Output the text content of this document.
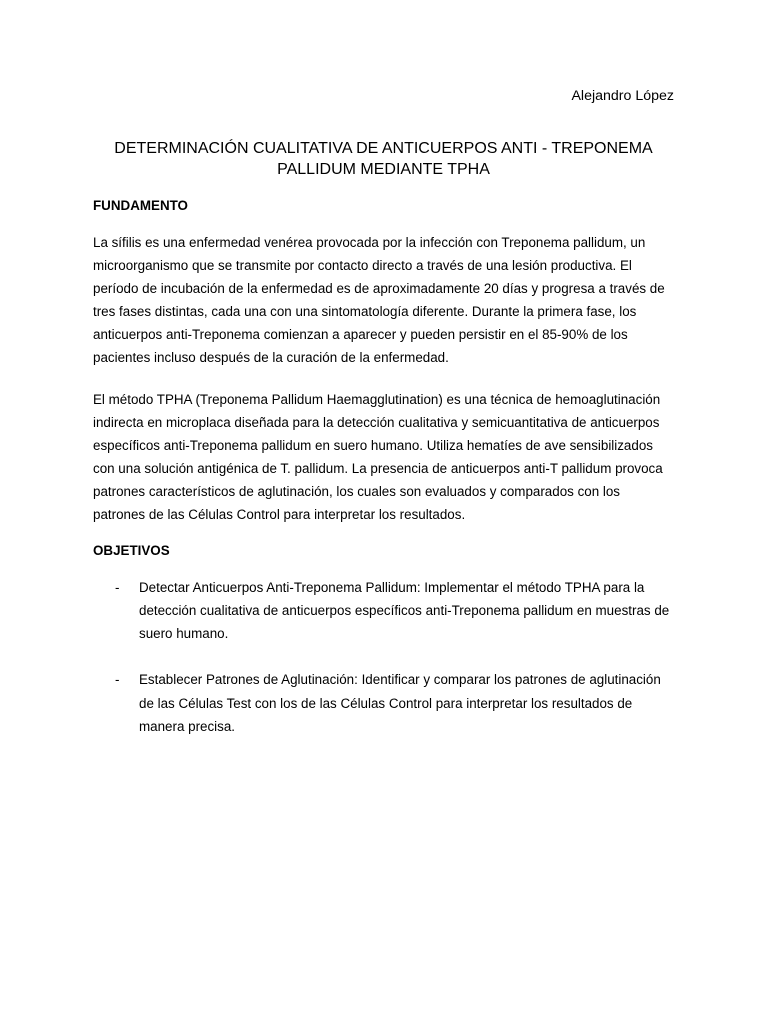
Alejandro López
DETERMINACIÓN CUALITATIVA DE ANTICUERPOS ANTI - TREPONEMA PALLIDUM MEDIANTE TPHA
FUNDAMENTO

La sífilis es una enfermedad venérea provocada por la infección con Treponema pallidum, un microorganismo que se transmite por contacto directo a través de una lesión productiva. El período de incubación de la enfermedad es de aproximadamente 20 días y progresa a través de tres fases distintas, cada una con una sintomatología diferente. Durante la primera fase, los anticuerpos anti-Treponema comienzan a aparecer y pueden persistir en el 85-90% de los pacientes incluso después de la curación de la enfermedad.

El método TPHA (Treponema Pallidum Haemagglutination) es una técnica de hemoaglutinación indirecta en microplaca diseñada para la detección cualitativa y semicuantitativa de anticuerpos específicos anti-Treponema pallidum en suero humano. Utiliza hematíes de ave sensibilizados con una solución antigénica de T. pallidum. La presencia de anticuerpos anti-T pallidum provoca patrones característicos de aglutinación, los cuales son evaluados y comparados con los patrones de las Células Control para interpretar los resultados.

OBJETIVOS
- Detectar Anticuerpos Anti-Treponema Pallidum: Implementar el método TPHA para la detección cualitativa de anticuerpos específicos anti-Treponema pallidum en muestras de suero humano.
- Establecer Patrones de Aglutinación: Identificar y comparar los patrones de aglutinación de las Células Test con los de las Células Control para interpretar los resultados de manera precisa.
